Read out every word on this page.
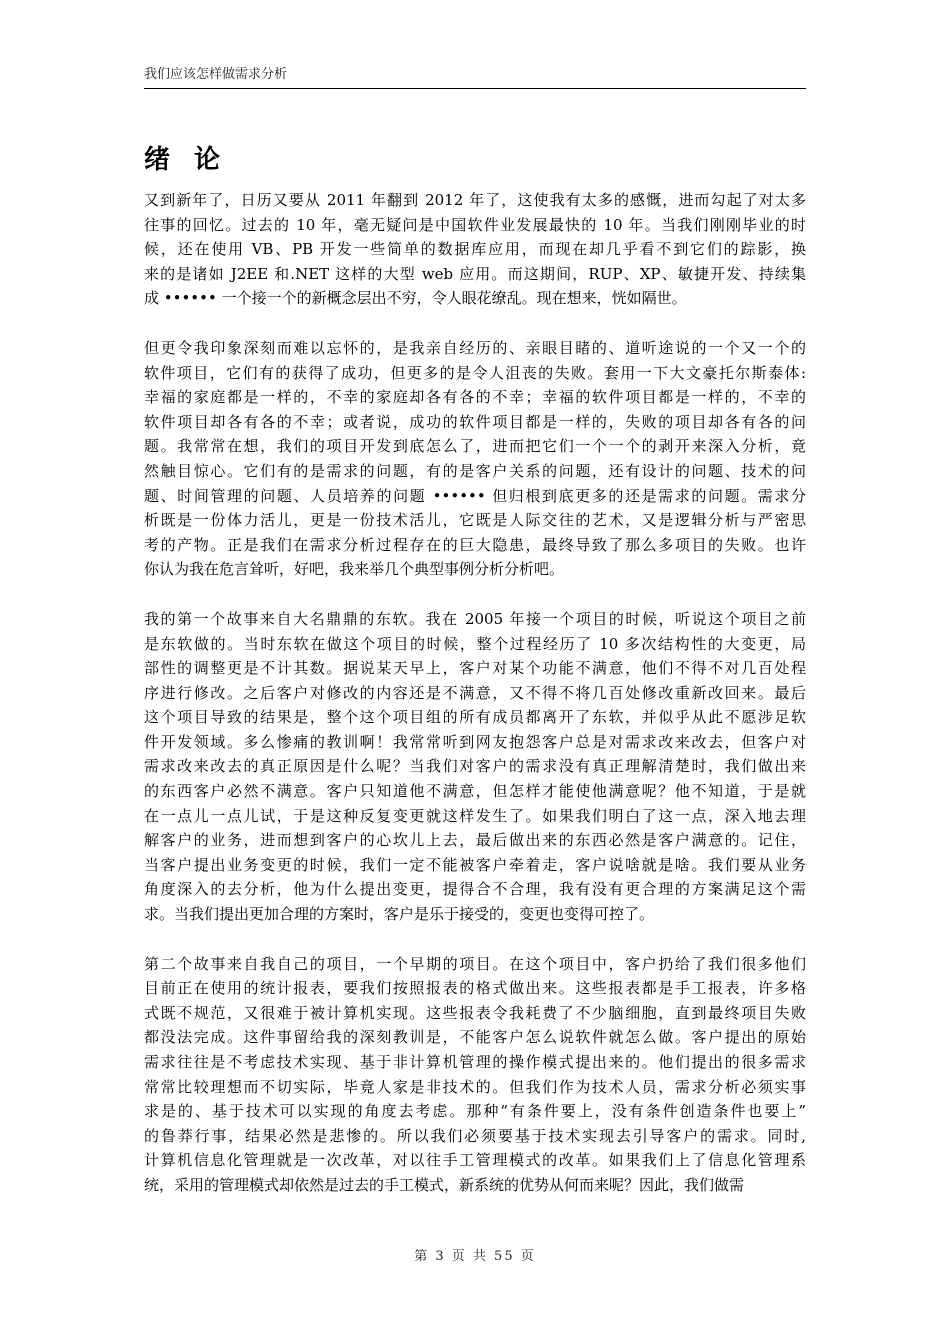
我们应该怎样做需求分析
绪论

又到新年了，日历又要从 2011 年翻到 2012 年了，这使我有太多的感慨，进而勾起了对太多
往事的回忆。过去的 10 年，毫无疑问是中国软件业发展最快的 10 年。当我们刚刚毕业的时
候，还在使用 VB、PB 开发一些简单的数据库应用，而现在却几乎看不到它们的踪影，换
来的是诸如 J2EE 和.NET 这样的大型 web 应用。而这期间，RUP、XP、敏捷开发、持续集
成 •••••• 一个接一个的新概念层出不穷，令人眼花缭乱。现在想来，恍如隔世。

但更令我印象深刻而难以忘怀的，是我亲自经历的、亲眼目睹的、道听途说的一个又一个的
软件项目，它们有的获得了成功，但更多的是令人沮丧的失败。套用一下大文豪托尔斯泰体:
幸福的家庭都是一样的，不幸的家庭却各有各的不幸；幸福的软件项目都是一样的，不幸的
软件项目却各有各的不幸；或者说，成功的软件项目都是一样的，失败的项目却各有各的问
题。我常常在想，我们的项目开发到底怎么了，进而把它们一个一个的剥开来深入分析，竟
然触目惊心。它们有的是需求的问题，有的是客户关系的问题，还有设计的问题、技术的问
题、时间管理的问题、人员培养的问题 •••••• 但归根到底更多的还是需求的问题。需求分
析既是一份体力活儿，更是一份技术活儿，它既是人际交往的艺术，又是逻辑分析与严密思
考的产物。正是我们在需求分析过程存在的巨大隐患，最终导致了那么多项目的失败。也许
你认为我在危言耸听，好吧，我来举几个典型事例分析分析吧。

我的第一个故事来自大名鼎鼎的东软。我在 2005 年接一个项目的时候，听说这个项目之前
是东软做的。当时东软在做这个项目的时候，整个过程经历了 10 多次结构性的大变更，局
部性的调整更是不计其数。据说某天早上，客户对某个功能不满意，他们不得不对几百处程
序进行修改。之后客户对修改的内容还是不满意，又不得不将几百处修改重新改回来。最后
这个项目导致的结果是，整个这个项目组的所有成员都离开了东软，并似乎从此不愿涉足软
件开发领域。多么惨痛的教训啊！我常常听到网友抱怨客户总是对需求改来改去，但客户对
需求改来改去的真正原因是什么呢？当我们对客户的需求没有真正理解清楚时，我们做出来
的东西客户必然不满意。客户只知道他不满意，但怎样才能使他满意呢？他不知道，于是就
在一点儿一点儿试，于是这种反复变更就这样发生了。如果我们明白了这一点，深入地去理
解客户的业务，进而想到客户的心坎儿上去，最后做出来的东西必然是客户满意的。记住，
当客户提出业务变更的时候，我们一定不能被客户牵着走，客户说啥就是啥。我们要从业务
角度深入的去分析，他为什么提出变更，提得合不合理，我有没有更合理的方案满足这个需
求。当我们提出更加合理的方案时，客户是乐于接受的，变更也变得可控了。

第二个故事来自我自己的项目，一个早期的项目。在这个项目中，客户扔给了我们很多他们
目前正在使用的统计报表，要我们按照报表的格式做出来。这些报表都是手工报表，许多格
式既不规范，又很难于被计算机实现。这些报表令我耗费了不少脑细胞，直到最终项目失败
都没法完成。这件事留给我的深刻教训是，不能客户怎么说软件就怎么做。客户提出的原始
需求往往是不考虑技术实现、基于非计算机管理的操作模式提出来的。他们提出的很多需求
常常比较理想而不切实际，毕竟人家是非技术的。但我们作为技术人员，需求分析必须实事
求是的、基于技术可以实现的角度去考虑。那种“有条件要上，没有条件创造条件也要上”
的鲁莽行事，结果必然是悲惨的。所以我们必须要基于技术实现去引导客户的需求。同时,
计算机信息化管理就是一次改革，对以往手工管理模式的改革。如果我们上了信息化管理系
统，采用的管理模式却依然是过去的手工模式，新系统的优势从何而来呢？因此，我们做需

第 3 页 共 55 页
